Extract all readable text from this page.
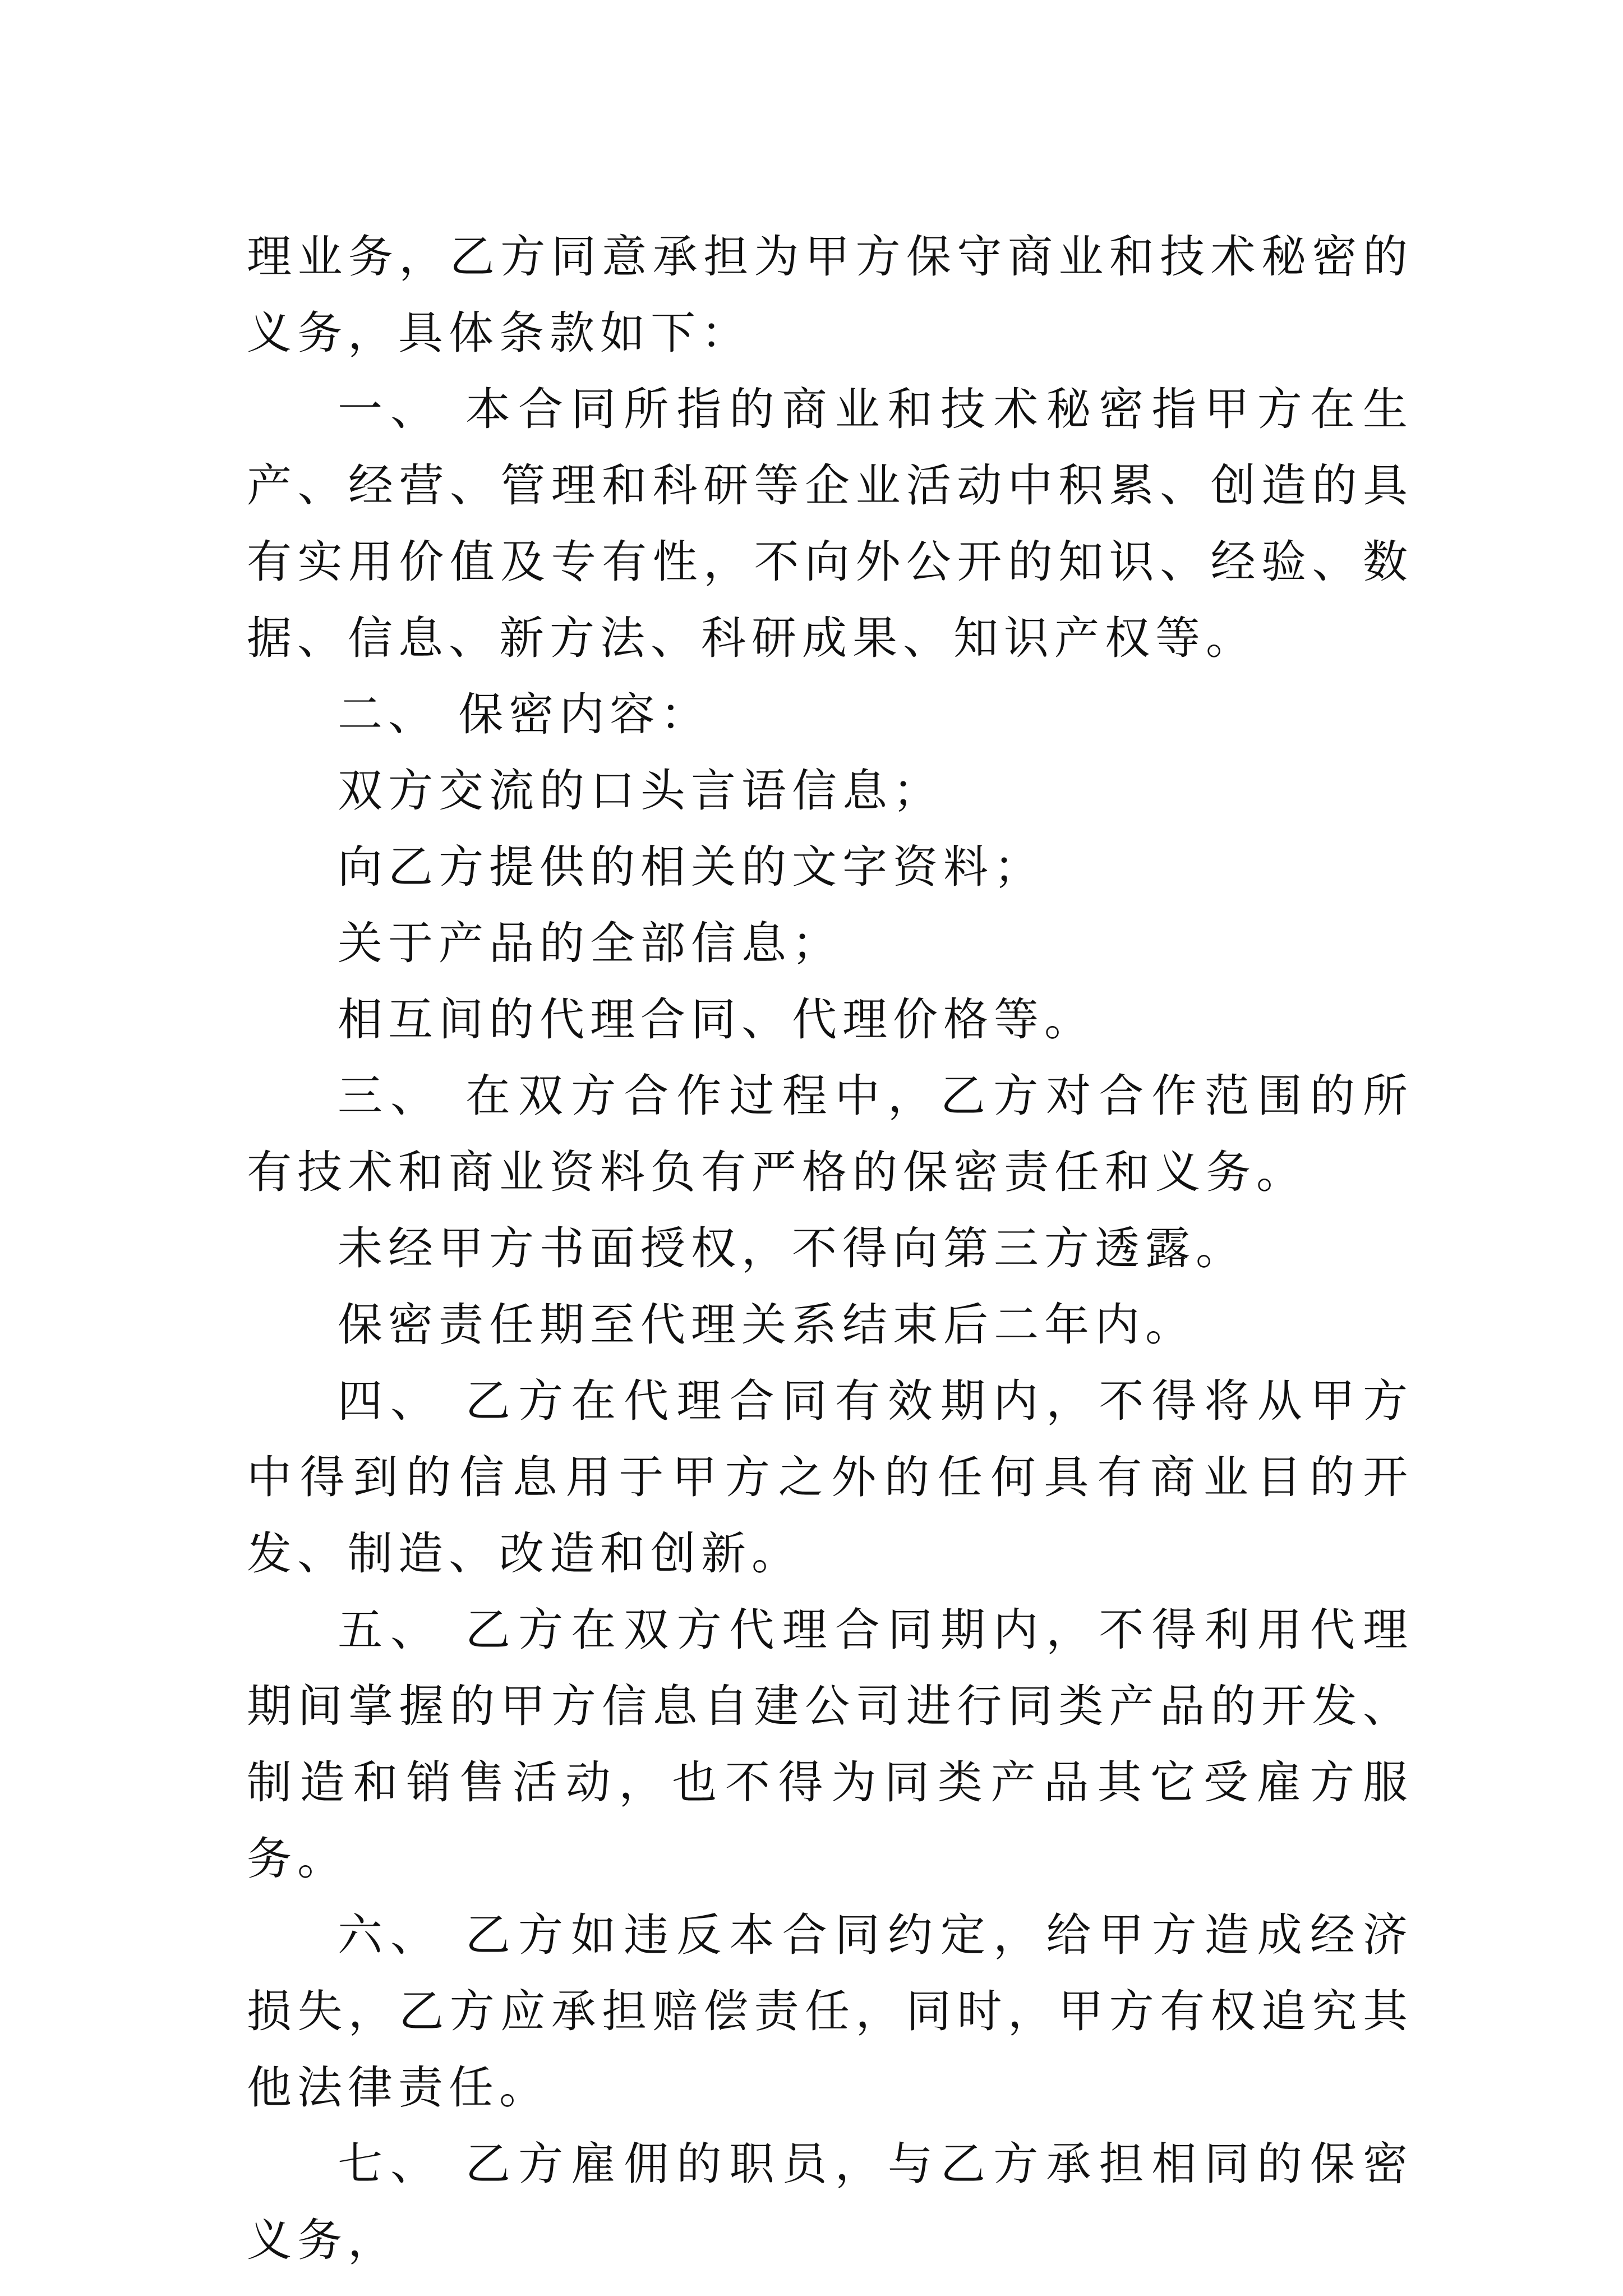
理业务，乙方同意承担为甲方保守商业和技术秘密的义务，具体条款如下：

一、 本合同所指的商业和技术秘密指甲方在生产、经营、管理和科研等企业活动中积累、创造的具有实用价值及专有性，不向外公开的知识、经验、数据、信息、新方法、科研成果、知识产权等。

二、 保密内容：

双方交流的口头言语信息；

向乙方提供的相关的文字资料；

关于产品的全部信息；

相互间的代理合同、代理价格等。

三、 在双方合作过程中，乙方对合作范围的所有技术和商业资料负有严格的保密责任和义务。

未经甲方书面授权，不得向第三方透露。

保密责任期至代理关系结束后二年内。

四、 乙方在代理合同有效期内，不得将从甲方中得到的信息用于甲方之外的任何具有商业目的开发、制造、改造和创新。

五、 乙方在双方代理合同期内，不得利用代理期间掌握的甲方信息自建公司进行同类产品的开发、制造和销售活动，也不得为同类产品其它受雇方服务。

六、 乙方如违反本合同约定，给甲方造成经济损失，乙方应承担赔偿责任，同时，甲方有权追究其他法律责任。

七、 乙方雇佣的职员，与乙方承担相同的保密义务，
